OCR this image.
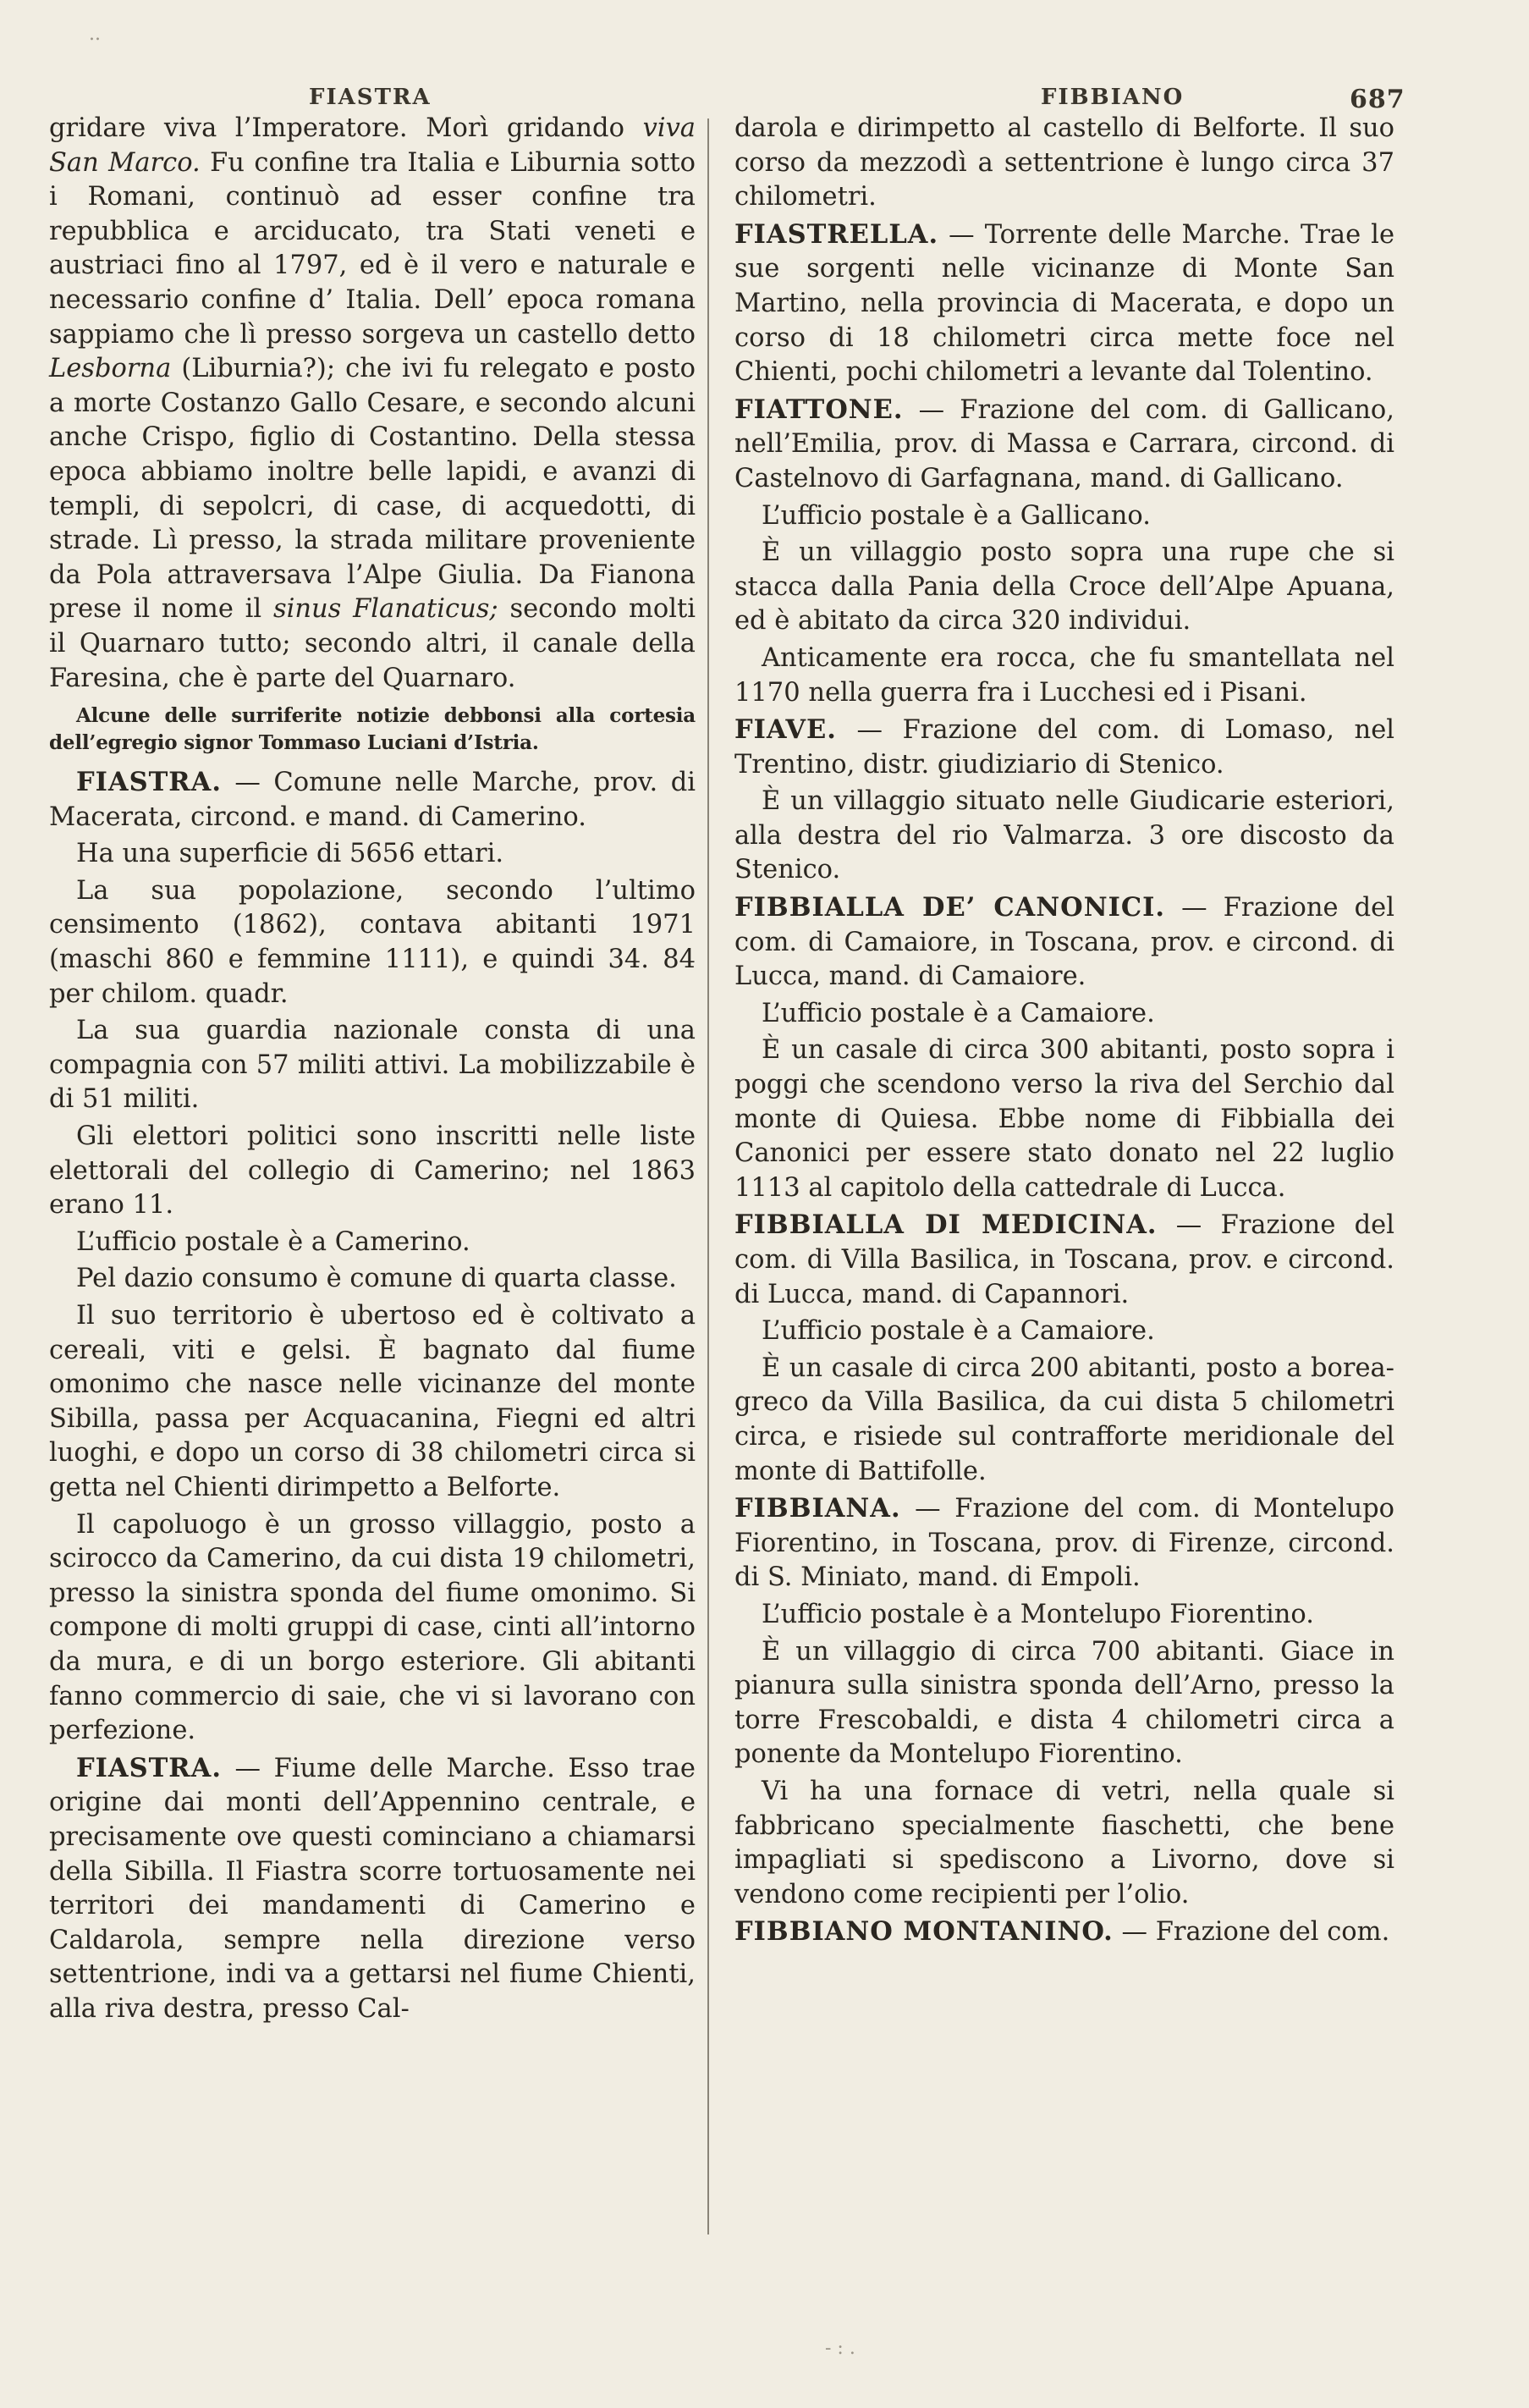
..
FIASTRA	FIBBIANO	687

gridare viva l’Imperatore. Morì gridando viva San Marco. Fu confine tra Italia e Liburnia sotto i Romani, continuò ad esser confine tra repubblica e arciducato, tra Stati veneti e austriaci fino al 1797, ed è il vero e naturale e necessario confine d’ Italia. Dell’ epoca romana sappiamo che lì presso sorgeva un castello detto Lesborna (Liburnia?); che ivi fu relegato e posto a morte Costanzo Gallo Cesare, e secondo alcuni anche Crispo, figlio di Costantino. Della stessa epoca abbiamo inoltre belle lapidi, e avanzi di templi, di sepolcri, di case, di acquedotti, di strade. Lì presso, la strada militare proveniente da Pola attraversava l’Alpe Giulia. Da Fianona prese il nome il sinus Flanaticus; secondo molti il Quarnaro tutto; secondo altri, il canale della Faresina, che è parte del Quarnaro.

Alcune delle surriferite notizie debbonsi alla cortesia dell’egregio signor Tommaso Luciani d’Istria.

FIASTRA. — Comune nelle Marche, prov. di Macerata, circond. e mand. di Camerino.

Ha una superficie di 5656 ettari.

La sua popolazione, secondo l’ultimo censimento (1862), contava abitanti 1971 (maschi 860 e femmine 1111), e quindi 34. 84 per chilom. quadr.

La sua guardia nazionale consta di una compagnia con 57 militi attivi. La mobilizzabile è di 51 militi.

Gli elettori politici sono inscritti nelle liste elettorali del collegio di Camerino; nel 1863 erano 11.

L’ufficio postale è a Camerino.

Pel dazio consumo è comune di quarta classe.

Il suo territorio è ubertoso ed è coltivato a cereali, viti e gelsi. È bagnato dal fiume omonimo che nasce nelle vicinanze del monte Sibilla, passa per Acquacanina, Fiegni ed altri luoghi, e dopo un corso di 38 chilometri circa si getta nel Chienti dirimpetto a Belforte.

Il capoluogo è un grosso villaggio, posto a scirocco da Camerino, da cui dista 19 chilometri, presso la sinistra sponda del fiume omonimo. Si compone di molti gruppi di case, cinti all’intorno da mura, e di un borgo esteriore. Gli abitanti fanno commercio di saie, che vi si lavorano con perfezione.

FIASTRA. — Fiume delle Marche. Esso trae origine dai monti dell’Appennino centrale, e precisamente ove questi cominciano a chiamarsi della Sibilla. Il Fiastra scorre tortuosamente nei territori dei mandamenti di Camerino e Caldarola, sempre nella direzione verso settentrione, indi va a gettarsi nel fiume Chienti, alla riva destra, presso Cal-

darola e dirimpetto al castello di Belforte. Il suo corso da mezzodì a settentrione è lungo circa 37 chilometri.

FIASTRELLA. — Torrente delle Marche. Trae le sue sorgenti nelle vicinanze di Monte San Martino, nella provincia di Macerata, e dopo un corso di 18 chilometri circa mette foce nel Chienti, pochi chilometri a levante dal Tolentino.

FIATTONE. — Frazione del com. di Gallicano, nell’Emilia, prov. di Massa e Carrara, circond. di Castelnovo di Garfagnana, mand. di Gallicano.

L’ufficio postale è a Gallicano.

È un villaggio posto sopra una rupe che si stacca dalla Pania della Croce dell’Alpe Apuana, ed è abitato da circa 320 individui.

Anticamente era rocca, che fu smantellata nel 1170 nella guerra fra i Lucchesi ed i Pisani.

FIAVE. — Frazione del com. di Lomaso, nel Trentino, distr. giudiziario di Stenico.

È un villaggio situato nelle Giudicarie esteriori, alla destra del rio Valmarza. 3 ore discosto da Stenico.

FIBBIALLA DE’ CANONICI. — Frazione del com. di Camaiore, in Toscana, prov. e circond. di Lucca, mand. di Camaiore.

L’ufficio postale è a Camaiore.

È un casale di circa 300 abitanti, posto sopra i poggi che scendono verso la riva del Serchio dal monte di Quiesa. Ebbe nome di Fibbialla dei Canonici per essere stato donato nel 22 luglio 1113 al capitolo della cattedrale di Lucca.

FIBBIALLA DI MEDICINA. — Frazione del com. di Villa Basilica, in Toscana, prov. e circond. di Lucca, mand. di Capannori.

L’ufficio postale è a Camaiore.

È un casale di circa 200 abitanti, posto a borea-greco da Villa Basilica, da cui dista 5 chilometri circa, e risiede sul contrafforte meridionale del monte di Battifolle.

FIBBIANA. — Frazione del com. di Montelupo Fiorentino, in Toscana, prov. di Firenze, circond. di S. Miniato, mand. di Empoli.

L’ufficio postale è a Montelupo Fiorentino.

È un villaggio di circa 700 abitanti. Giace in pianura sulla sinistra sponda dell’Arno, presso la torre Frescobaldi, e dista 4 chilometri circa a ponente da Montelupo Fiorentino.

Vi ha una fornace di vetri, nella quale si fabbricano specialmente fiaschetti, che bene impagliati si spediscono a Livorno, dove si vendono come recipienti per l’olio.

FIBBIANO MONTANINO. — Frazione del com.

- : .
